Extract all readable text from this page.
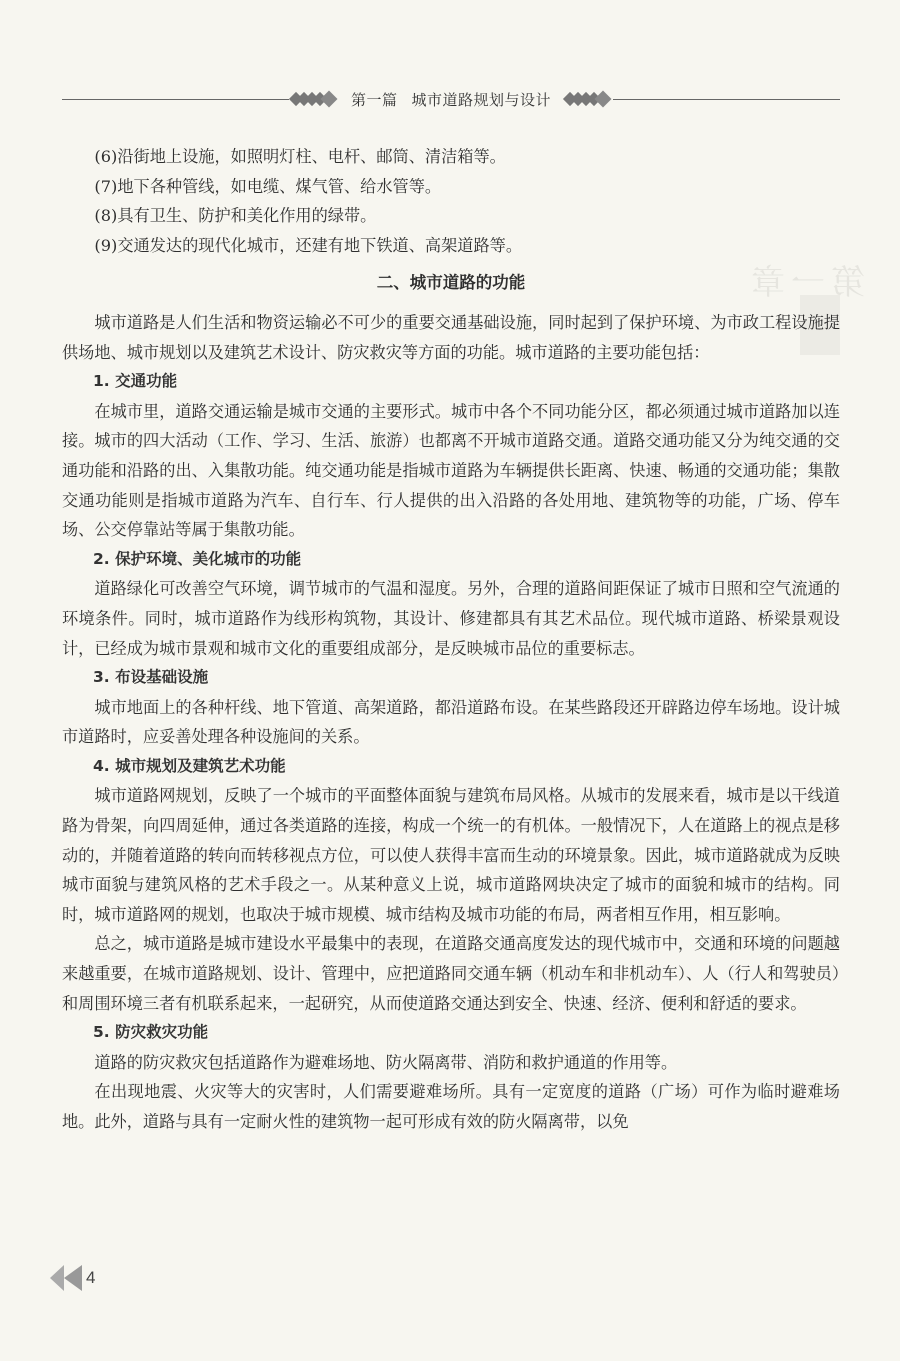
第一章
第一篇 城市道路规划与设计

(6)沿街地上设施，如照明灯柱、电杆、邮筒、清洁箱等。

(7)地下各种管线，如电缆、煤气管、给水管等。

(8)具有卫生、防护和美化作用的绿带。

(9)交通发达的现代化城市，还建有地下铁道、高架道路等。

二、城市道路的功能

城市道路是人们生活和物资运输必不可少的重要交通基础设施，同时起到了保护环境、为市政工程设施提供场地、城市规划以及建筑艺术设计、防灾救灾等方面的功能。城市道路的主要功能包括：

1. 交通功能

在城市里，道路交通运输是城市交通的主要形式。城市中各个不同功能分区，都必须通过城市道路加以连接。城市的四大活动（工作、学习、生活、旅游）也都离不开城市道路交通。道路交通功能又分为纯交通的交通功能和沿路的出、入集散功能。纯交通功能是指城市道路为车辆提供长距离、快速、畅通的交通功能；集散交通功能则是指城市道路为汽车、自行车、行人提供的出入沿路的各处用地、建筑物等的功能，广场、停车场、公交停靠站等属于集散功能。

2. 保护环境、美化城市的功能

道路绿化可改善空气环境，调节城市的气温和湿度。另外，合理的道路间距保证了城市日照和空气流通的环境条件。同时，城市道路作为线形构筑物，其设计、修建都具有其艺术品位。现代城市道路、桥梁景观设计，已经成为城市景观和城市文化的重要组成部分，是反映城市品位的重要标志。

3. 布设基础设施

城市地面上的各种杆线、地下管道、高架道路，都沿道路布设。在某些路段还开辟路边停车场地。设计城市道路时，应妥善处理各种设施间的关系。

4. 城市规划及建筑艺术功能

城市道路网规划，反映了一个城市的平面整体面貌与建筑布局风格。从城市的发展来看，城市是以干线道路为骨架，向四周延伸，通过各类道路的连接，构成一个统一的有机体。一般情况下，人在道路上的视点是移动的，并随着道路的转向而转移视点方位，可以使人获得丰富而生动的环境景象。因此，城市道路就成为反映城市面貌与建筑风格的艺术手段之一。从某种意义上说，城市道路网块决定了城市的面貌和城市的结构。同时，城市道路网的规划，也取决于城市规模、城市结构及城市功能的布局，两者相互作用，相互影响。

总之，城市道路是城市建设水平最集中的表现，在道路交通高度发达的现代城市中，交通和环境的问题越来越重要，在城市道路规划、设计、管理中，应把道路同交通车辆（机动车和非机动车）、人（行人和驾驶员）和周围环境三者有机联系起来，一起研究，从而使道路交通达到安全、快速、经济、便利和舒适的要求。

5. 防灾救灾功能

道路的防灾救灾包括道路作为避难场地、防火隔离带、消防和救护通道的作用等。

在出现地震、火灾等大的灾害时，人们需要避难场所。具有一定宽度的道路（广场）可作为临时避难场地。此外，道路与具有一定耐火性的建筑物一起可形成有效的防火隔离带，以免

4
